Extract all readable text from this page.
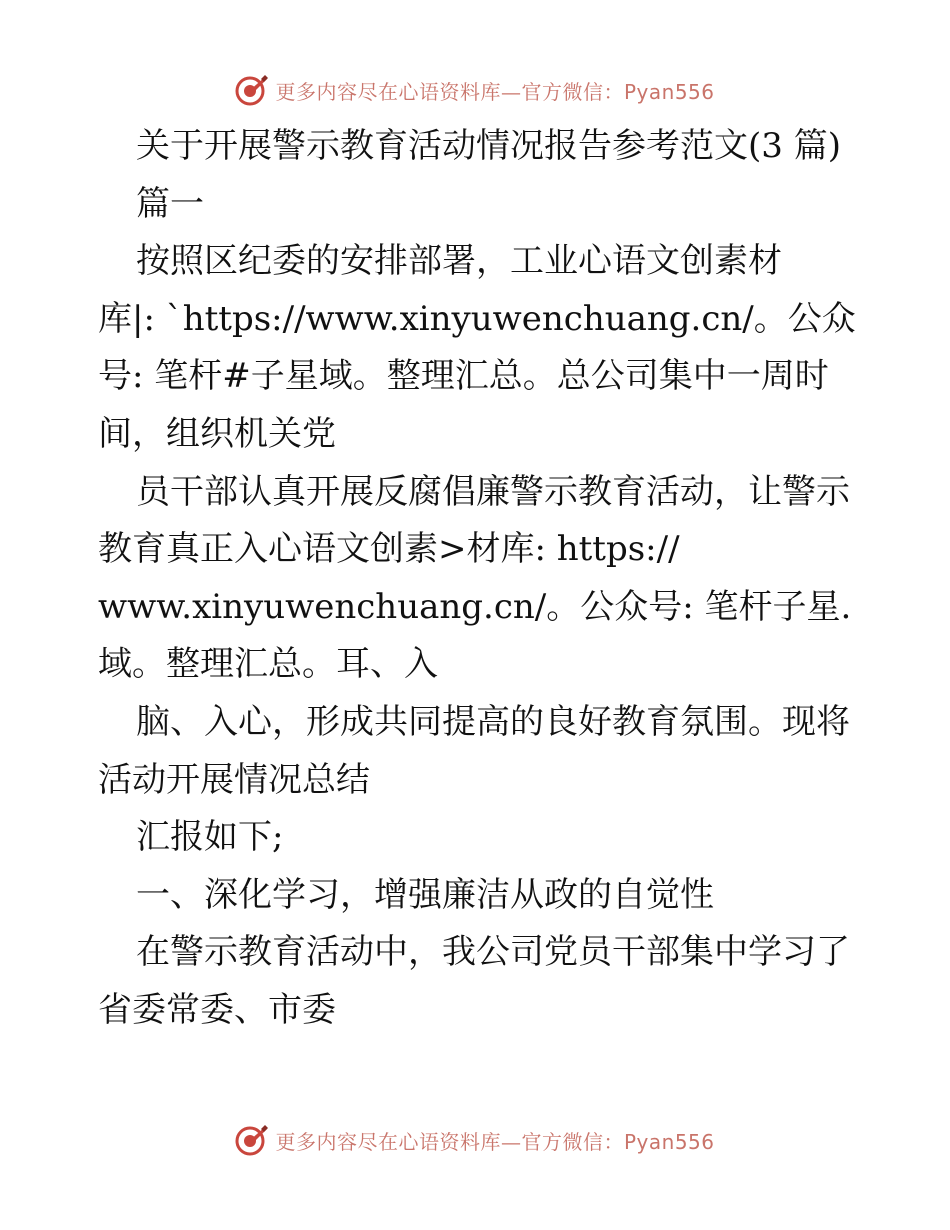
更多内容尽在心语资料库—官方微信：Pyan556

关于开展警示教育活动情况报告参考范文(3 篇)

篇一

按照区纪委的安排部署，工业心语文创素材

库|: `https://www.xinyuwenchuang.cn/。公众

号: 笔杆#子星域。整理汇总。总公司集中一周时

间，组织机关党

员干部认真开展反腐倡廉警示教育活动，让警示

教育真正入心语文创素>材库: https://

www.xinyuwenchuang.cn/。公众号: 笔杆子星.

域。整理汇总。耳、入

脑、入心，形成共同提高的良好教育氛围。现将

活动开展情况总结

汇报如下;

一、深化学习，增强廉洁从政的自觉性

在警示教育活动中，我公司党员干部集中学习了

省委常委、市委

更多内容尽在心语资料库—官方微信：Pyan556
